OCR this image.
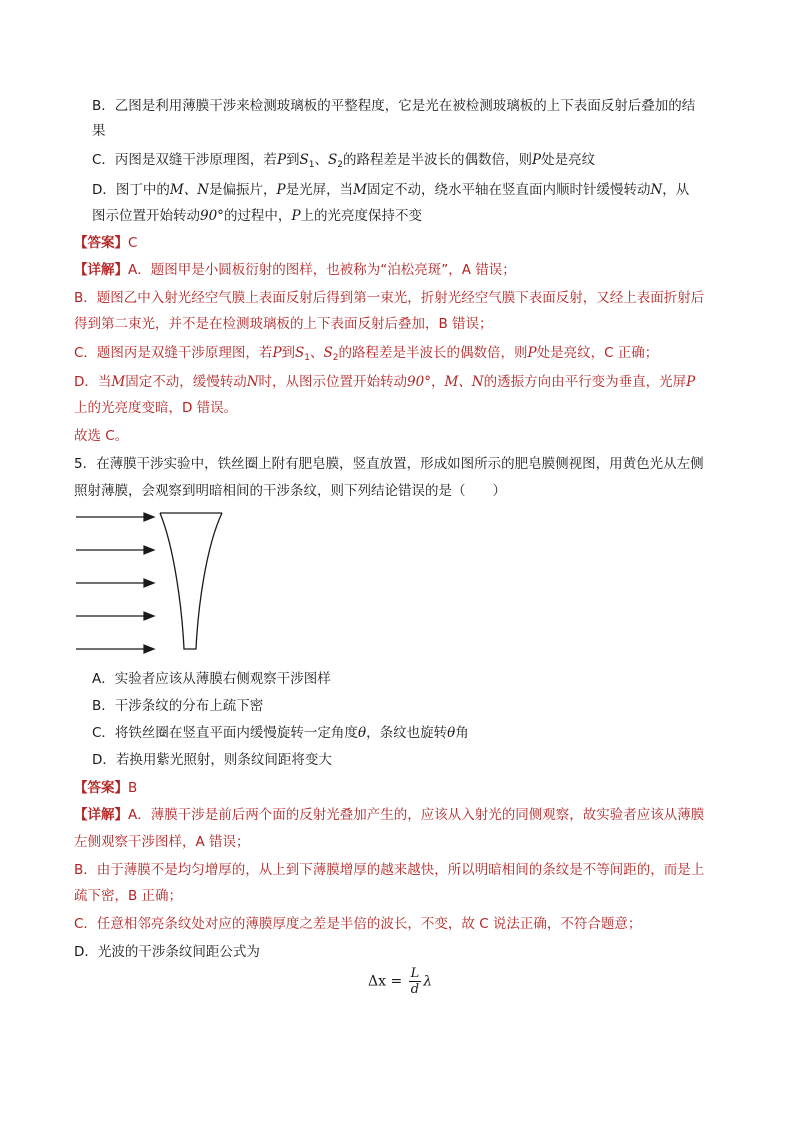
B．乙图是利用薄膜干涉来检测玻璃板的平整程度，它是光在被检测玻璃板的上下表面反射后叠加的结
果
C．丙图是双缝干涉原理图，若P到$S_1$、$S_2$的路程差是半波长的偶数倍，则P处是亮纹
D．图丁中的M、N是偏振片，P是光屏，当M固定不动，绕水平轴在竖直面内顺时针缓慢转动N，从
图示位置开始转动90°的过程中，P上的光亮度保持不变
【答案】C
【详解】A．题图甲是小圆板衍射的图样，也被称为“泊松亮斑”，A 错误；
B．题图乙中入射光经空气膜上表面反射后得到第一束光，折射光经空气膜下表面反射，又经上表面折射后
得到第二束光，并不是在检测玻璃板的上下表面反射后叠加，B 错误；
C．题图丙是双缝干涉原理图，若P到$S_1$、$S_2$的路程差是半波长的偶数倍，则P处是亮纹，C 正确；
D．当M固定不动，缓慢转动N时，从图示位置开始转动90°，M、N的透振方向由平行变为垂直，光屏P
上的光亮度变暗，D 错误。
故选 C。
5．在薄膜干涉实验中，铁丝圈上附有肥皂膜，竖直放置，形成如图所示的肥皂膜侧视图，用黄色光从左侧
照射薄膜，会观察到明暗相间的干涉条纹，则下列结论错误的是（　　）
A．实验者应该从薄膜右侧观察干涉图样
B．干涉条纹的分布上疏下密
C．将铁丝圈在竖直平面内缓慢旋转一定角度θ，条纹也旋转θ角
D．若换用紫光照射，则条纹间距将变大
【答案】B
【详解】A．薄膜干涉是前后两个面的反射光叠加产生的，应该从入射光的同侧观察，故实验者应该从薄膜
左侧观察干涉图样，A 错误；
B．由于薄膜不是均匀增厚的，从上到下薄膜增厚的越来越快，所以明暗相间的条纹是不等间距的，而是上
疏下密，B 正确；
C．任意相邻亮条纹处对应的薄膜厚度之差是半倍的波长，不变，故 C 说法正确，不符合题意；
D．光波的干涉条纹间距公式为
$\Delta x = \frac{L}{d}$ λ
